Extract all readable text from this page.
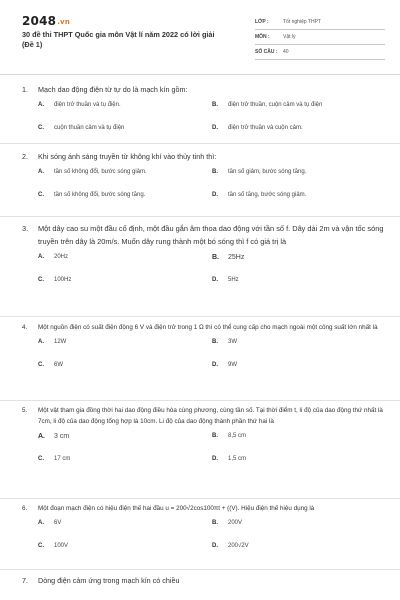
2048.vn
30 đề thi THPT Quốc gia môn Vật lí năm 2022 có lời giải
(Đề 1)
LỚP :	Tốt nghiệp THPT
MÔN :	Vật lý
SỐ CÂU :	40
1.	Mạch dao động điện từ tự do là mạch kín gồm:
A.	điện trở thuần và tụ điện.	B.	điện trở thuần, cuộn cảm và tụ điện
C.	cuộn thuần cảm và tụ điện	D.	điện trở thuần và cuộn cảm.
2.	Khi sóng ánh sáng truyền từ không khí vào thủy tinh thì:
A.	tần số không đổi, bước sóng giảm.	B.	tần số giảm, bước sóng tăng.
C.	tần số không đổi, bước sóng tăng.	D.	tần số tăng, bước sóng giảm.
3.	Một dây cao su một đầu cố định, một đầu gắn âm thoa dao động với tần số f. Dây dài 2m và vận tốc sóng truyền trên dây là 20m/s. Muốn dây rung thành một bó sóng thì f có giá trị là
A.	20Hz	B.	25Hz
C.	100Hz	D.	5Hz
4.	Một nguồn điện có suất điện động 6 V và điện trở trong 1 Ω thì có thể cung cấp cho mạch ngoài một công suất lớn nhất là
A.	12W	B.	3W
C.	6W	D.	9W
5.	Một vật tham gia đồng thời hai dao động điều hòa cùng phương, cùng tần số. Tại thời điểm t, li độ của dao động thứ nhất là 7cm, li độ của dao động tổng hợp là 10cm. Li độ của dao động thành phần thứ hai là
A.	3 cm	B.	8,5 cm
C.	17 cm	D.	1,5 cm
6.	Một đoạn mạch điện có hiệu điện thế hai đầu u = 200√2cos100πt + ((V). Hiệu điện thế hiệu dụng là
A.	6V	B.	200V
C.	100V	D.	200√2V
7.	Dòng điện cảm ứng trong mạch kín có chiều
